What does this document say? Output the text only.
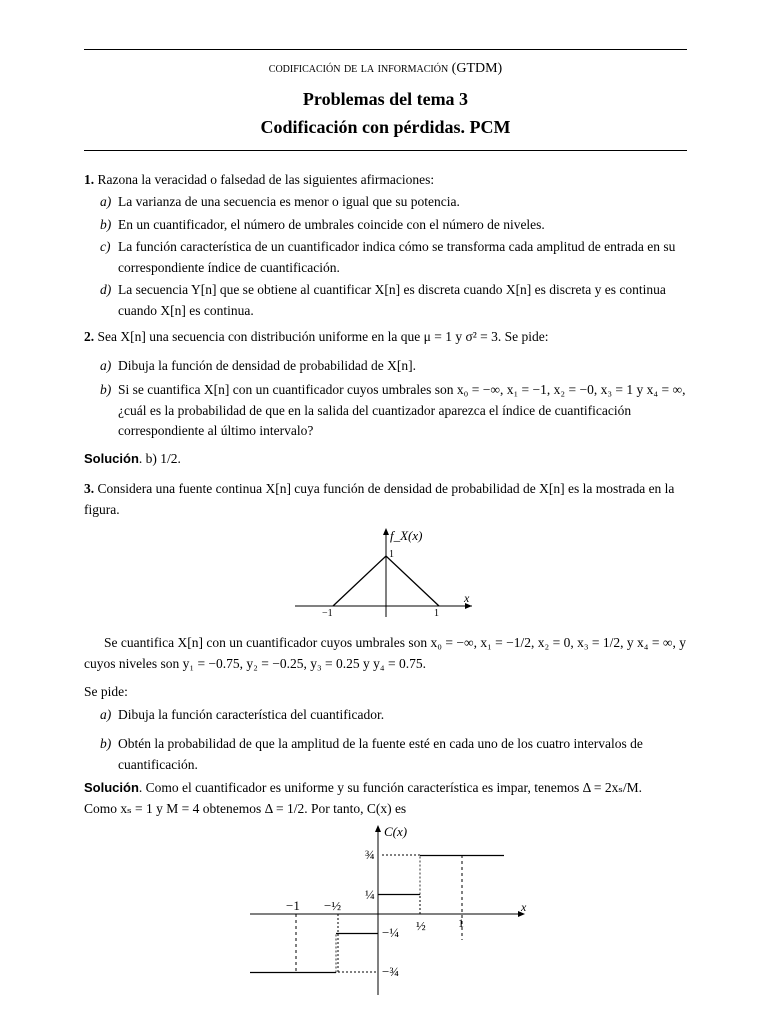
codificación de la información (GTDM)
Problemas del tema 3
Codificación con pérdidas. PCM
1. Razona la veracidad o falsedad de las siguientes afirmaciones:
a) La varianza de una secuencia es menor o igual que su potencia.
b) En un cuantificador, el número de umbrales coincide con el número de niveles.
c) La función característica de un cuantificador indica cómo se transforma cada amplitud de entrada en su correspondiente índice de cuantificación.
d) La secuencia Y[n] que se obtiene al cuantificar X[n] es discreta cuando X[n] es discreta y es continua cuando X[n] es continua.
2. Sea X[n] una secuencia con distribución uniforme en la que μ = 1 y σ² = 3. Se pide:
a) Dibuja la función de densidad de probabilidad de X[n].
b) Si se cuantifica X[n] con un cuantificador cuyos umbrales son x₀ = −∞, x₁ = −1, x₂ = −0, x₃ = 1 y x₄ = ∞, ¿cuál es la probabilidad de que en la salida del cuantizador aparezca el índice de cuantificación correspondiente al último intervalo?
Solución. b) 1/2.
3. Considera una fuente continua X[n] cuya función de densidad de probabilidad de X[n] es la mostrada en la figura.
f_X(x)
1
x
−1	1
Se cuantifica X[n] con un cuantificador cuyos umbrales son x₀ = −∞, x₁ = −1/2, x₂ = 0, x₃ = 1/2, y x₄ = ∞, y cuyos niveles son y₁ = −0.75, y₂ = −0.25, y₃ = 0.25 y y₄ = 0.75.
Se pide:
a) Dibuja la función característica del cuantificador.
b) Obtén la probabilidad de que la amplitud de la fuente esté en cada uno de los cuatro intervalos de cuantificación.
Solución. Como el cuantificador es uniforme y su función característica es impar, tenemos Δ = 2xₛ/M.
Como xₛ = 1 y M = 4 obtenemos Δ = 1/2. Por tanto, C(x) es
C(x)
x
−1 −½
½	1
¾
¼
−¼
−¾
